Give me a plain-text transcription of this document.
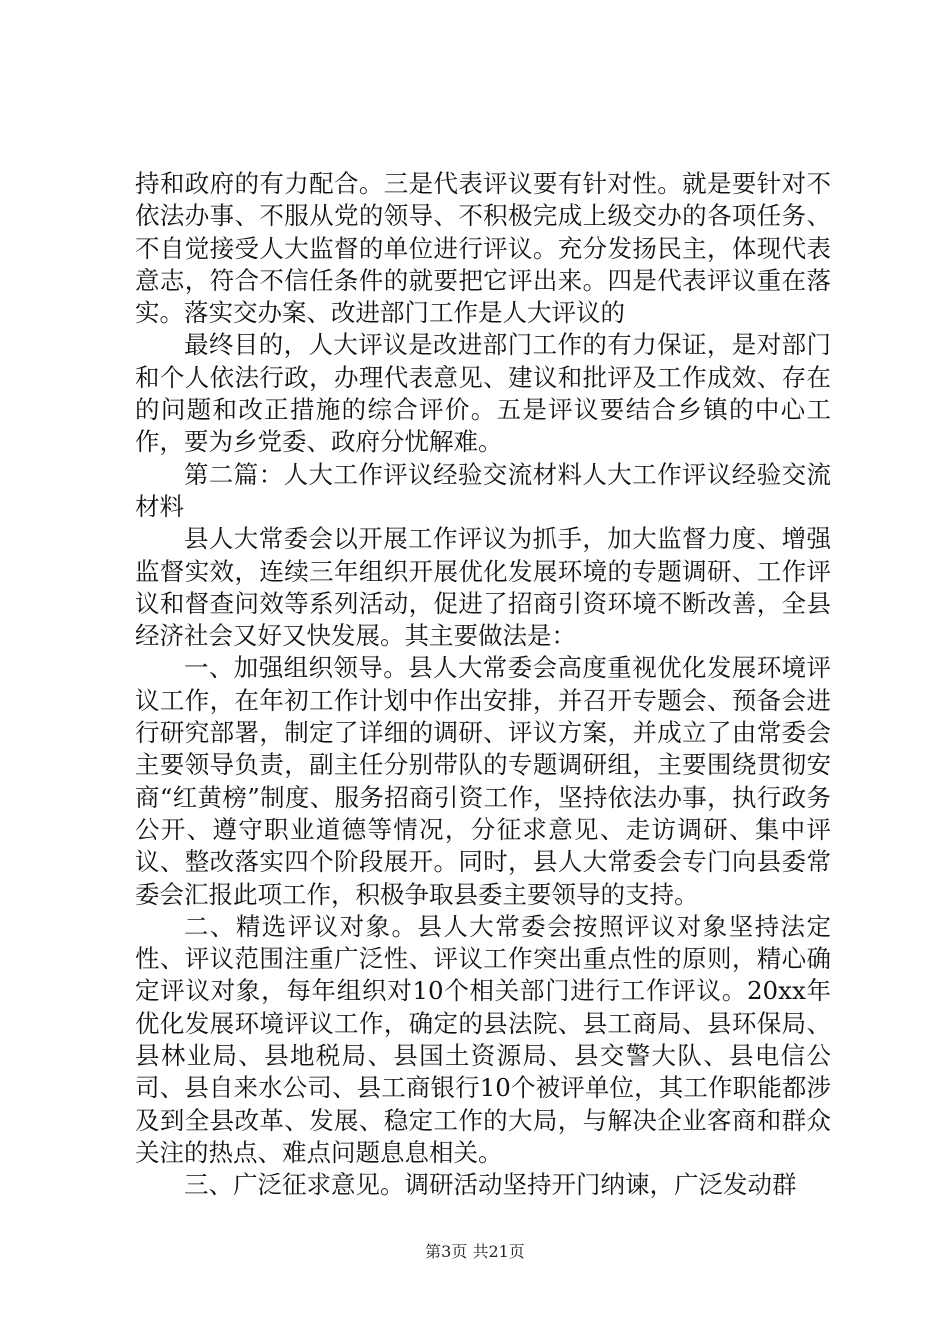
持和政府的有力配合。三是代表评议要有针对性。就是要针对不依法办事、不服从党的领导、不积极完成上级交办的各项任务、不自觉接受人大监督的单位进行评议。充分发扬民主，体现代表意志，符合不信任条件的就要把它评出来。四是代表评议重在落实。落实交办案、改进部门工作是人大评议的

最终目的，人大评议是改进部门工作的有力保证，是对部门和个人依法行政，办理代表意见、建议和批评及工作成效、存在的问题和改正措施的综合评价。五是评议要结合乡镇的中心工作，要为乡党委、政府分忧解难。

第二篇：人大工作评议经验交流材料人大工作评议经验交流材料

县人大常委会以开展工作评议为抓手，加大监督力度、增强监督实效，连续三年组织开展优化发展环境的专题调研、工作评议和督查问效等系列活动，促进了招商引资环境不断改善，全县经济社会又好又快发展。其主要做法是：

一、加强组织领导。县人大常委会高度重视优化发展环境评议工作，在年初工作计划中作出安排，并召开专题会、预备会进行研究部署，制定了详细的调研、评议方案，并成立了由常委会主要领导负责，副主任分别带队的专题调研组，主要围绕贯彻安商“红黄榜”制度、服务招商引资工作，坚持依法办事，执行政务公开、遵守职业道德等情况，分征求意见、走访调研、集中评议、整改落实四个阶段展开。同时，县人大常委会专门向县委常委会汇报此项工作，积极争取县委主要领导的支持。

二、精选评议对象。县人大常委会按照评议对象坚持法定性、评议范围注重广泛性、评议工作突出重点性的原则，精心确定评议对象，每年组织对10个相关部门进行工作评议。20xx年优化发展环境评议工作，确定的县法院、县工商局、县环保局、县林业局、县地税局、县国土资源局、县交警大队、县电信公司、县自来水公司、县工商银行10个被评单位，其工作职能都涉及到全县改革、发展、稳定工作的大局，与解决企业客商和群众关注的热点、难点问题息息相关。

三、广泛征求意见。调研活动坚持开门纳谏，广泛发动群

第3页 共21页
